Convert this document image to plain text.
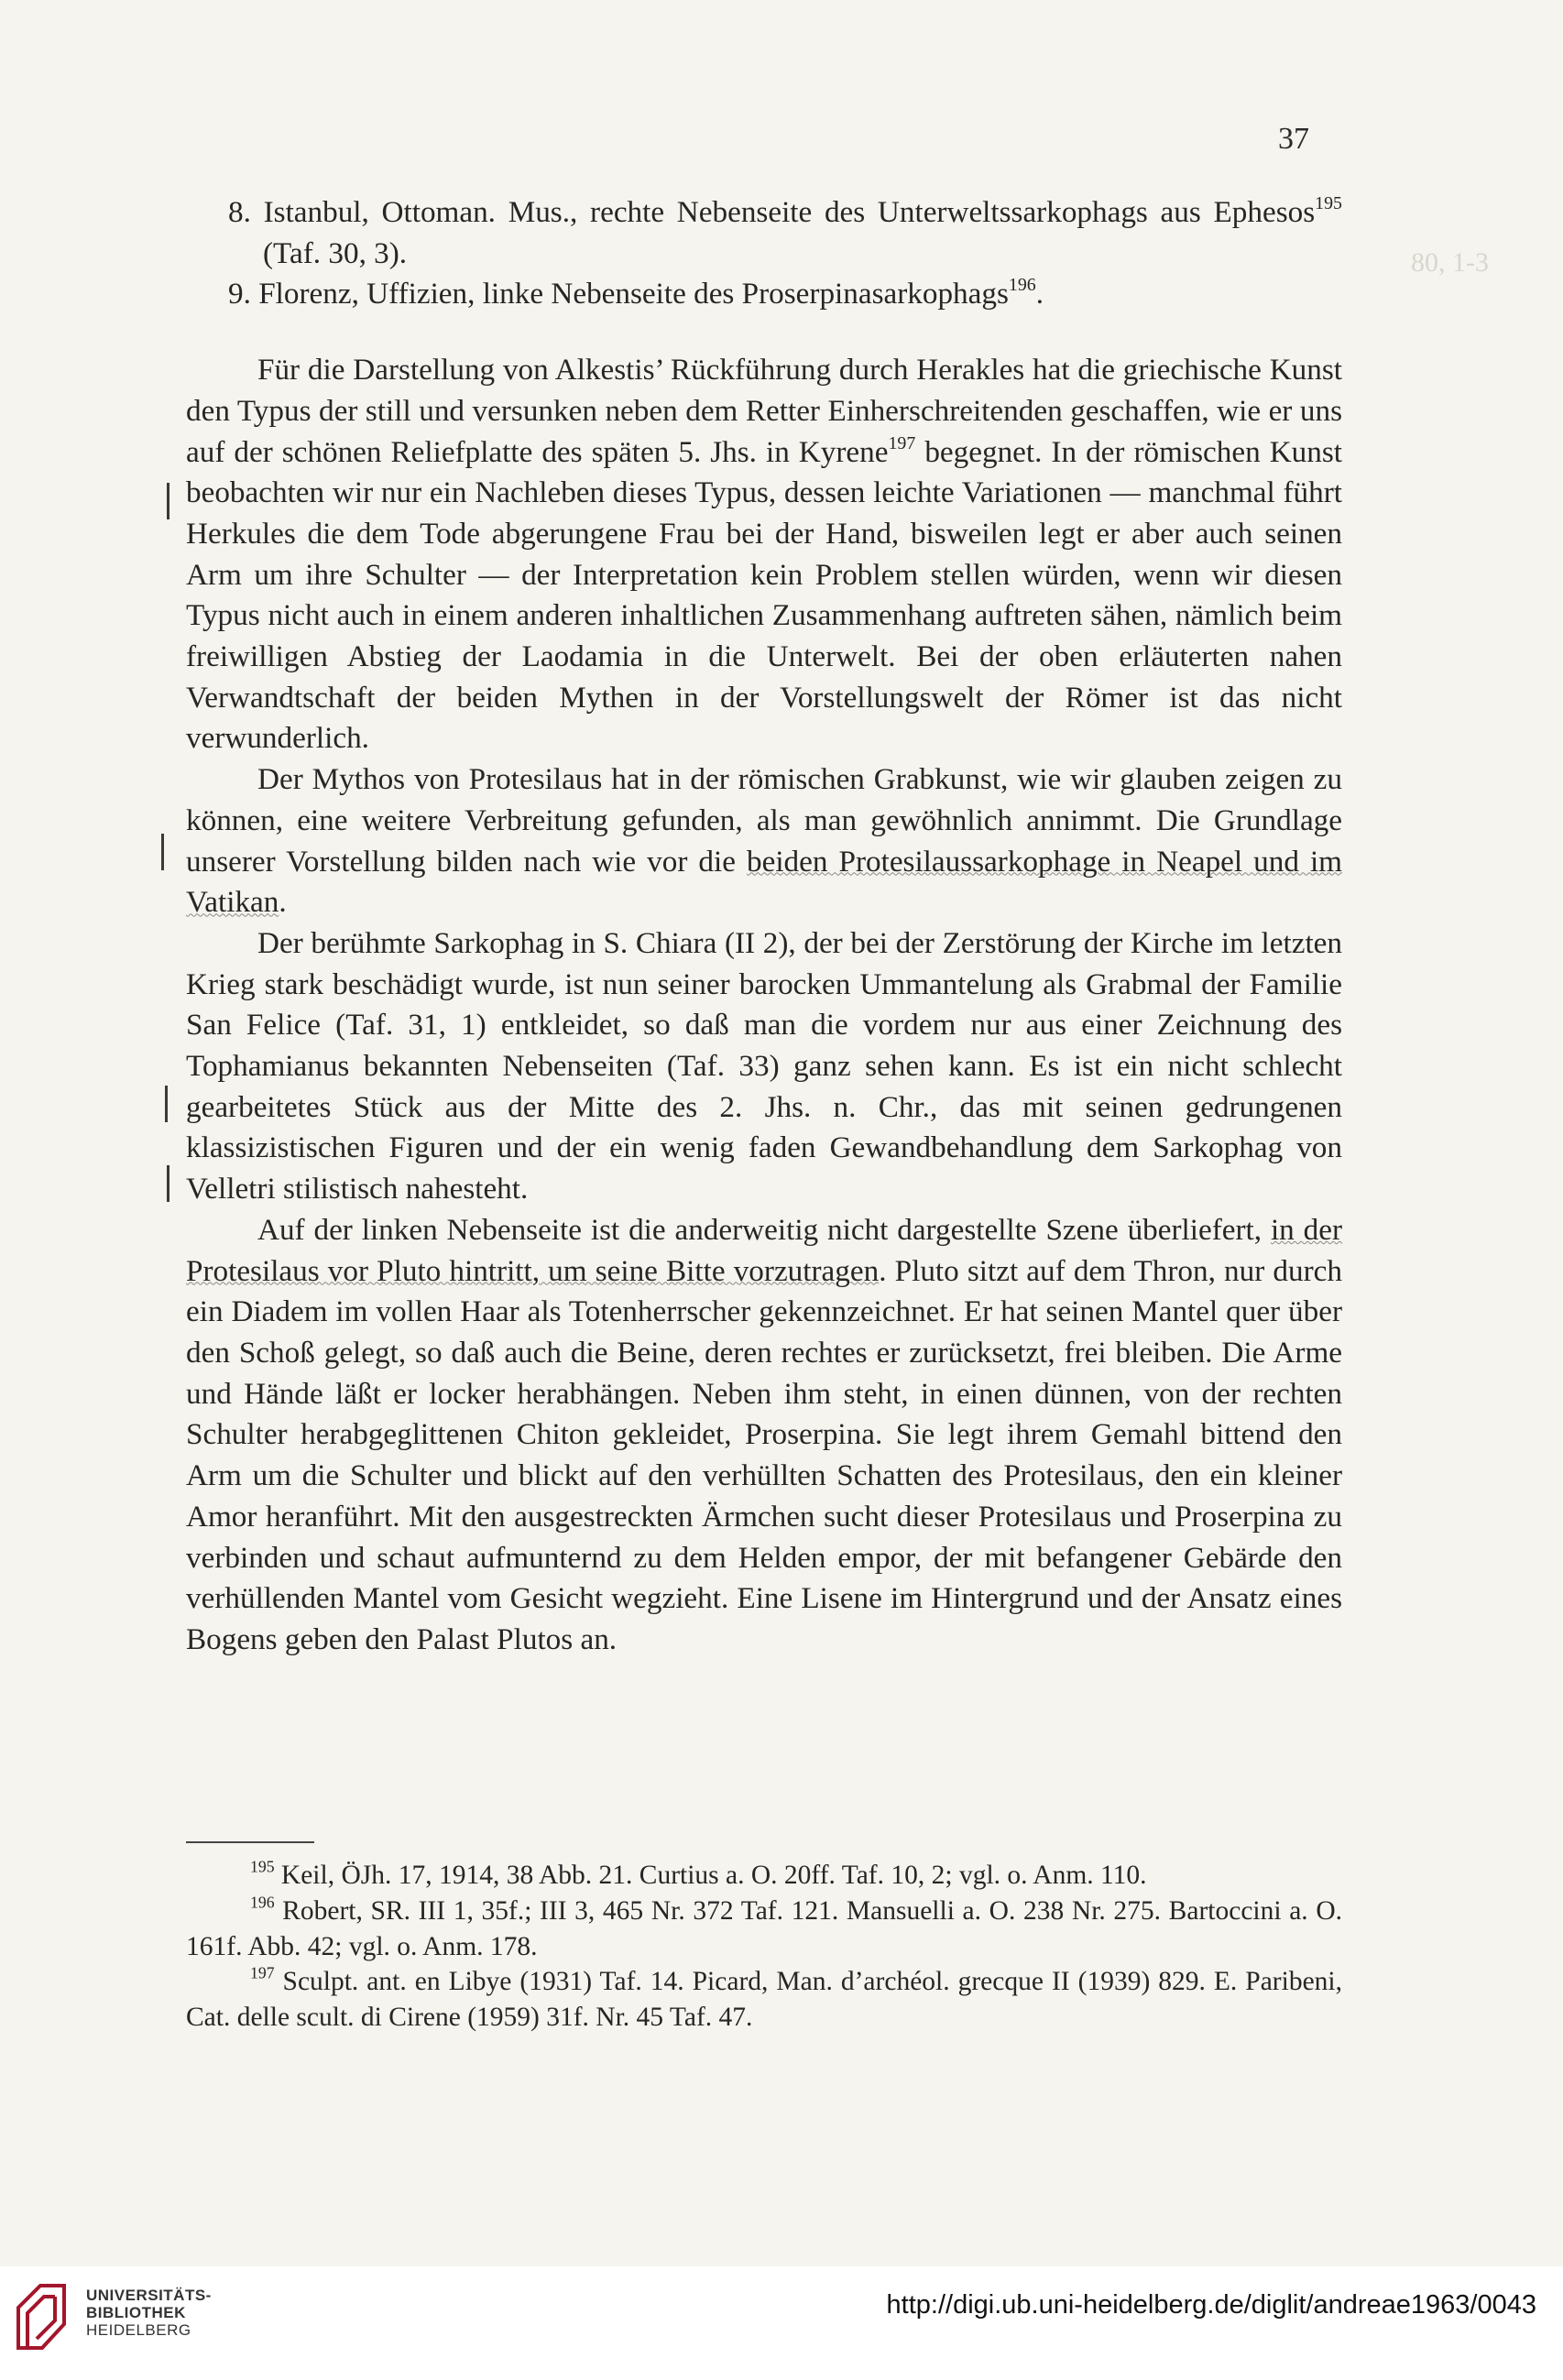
80, 1-3
37

8. Istanbul, Ottoman. Mus., rechte Nebenseite des Unterweltssarkophags aus Ephesos$^{195}$ (Taf. 30, 3).

9. Florenz, Uffizien, linke Nebenseite des Proserpinasarkophags$^{196}$.

Für die Darstellung von Alkestis’ Rückführung durch Herakles hat die griechische Kunst den Typus der still und versunken neben dem Retter Einherschreitenden geschaffen, wie er uns auf der schönen Reliefplatte des späten 5. Jhs. in Kyrene$^{197}$ begegnet. In der römischen Kunst beobachten wir nur ein Nachleben dieses Typus, dessen leichte Variationen — manchmal führt Herkules die dem Tode abgerungene Frau bei der Hand, bisweilen legt er aber auch seinen Arm um ihre Schulter — der Interpretation kein Problem stellen würden, wenn wir diesen Typus nicht auch in einem anderen inhaltlichen Zusammenhang auftreten sähen, nämlich beim freiwilligen Abstieg der Laodamia in die Unterwelt. Bei der oben erläuterten nahen Verwandtschaft der beiden Mythen in der Vorstellungswelt der Römer ist das nicht verwunderlich.

Der Mythos von Protesilaus hat in der römischen Grabkunst, wie wir glauben zeigen zu können, eine weitere Verbreitung gefunden, als man gewöhnlich annimmt. Die Grundlage unserer Vorstellung bilden nach wie vor die beiden Protesilaussarkophage in Neapel und im Vatikan.

Der berühmte Sarkophag in S. Chiara (II 2), der bei der Zerstörung der Kirche im letzten Krieg stark beschädigt wurde, ist nun seiner barocken Ummantelung als Grabmal der Familie San Felice (Taf. 31, 1) entkleidet, so daß man die vordem nur aus einer Zeichnung des Tophamianus bekannten Nebenseiten (Taf. 33) ganz sehen kann. Es ist ein nicht schlecht gearbeitetes Stück aus der Mitte des 2. Jhs. n. Chr., das mit seinen gedrungenen klassizistischen Figuren und der ein wenig faden Gewandbehandlung dem Sarkophag von Velletri stilistisch nahesteht.

Auf der linken Nebenseite ist die anderweitig nicht dargestellte Szene überliefert, in der Protesilaus vor Pluto hintritt, um seine Bitte vorzutragen. Pluto sitzt auf dem Thron, nur durch ein Diadem im vollen Haar als Totenherrscher gekennzeichnet. Er hat seinen Mantel quer über den Schoß gelegt, so daß auch die Beine, deren rechtes er zurücksetzt, frei bleiben. Die Arme und Hände läßt er locker herabhängen. Neben ihm steht, in einen dünnen, von der rechten Schulter herabgeglittenen Chiton gekleidet, Proserpina. Sie legt ihrem Gemahl bittend den Arm um die Schulter und blickt auf den verhüllten Schatten des Protesilaus, den ein kleiner Amor heranführt. Mit den ausgestreckten Ärmchen sucht dieser Protesilaus und Proserpina zu verbinden und schaut aufmunternd zu dem Helden empor, der mit befangener Gebärde den verhüllenden Mantel vom Gesicht wegzieht. Eine Lisene im Hintergrund und der Ansatz eines Bogens geben den Palast Plutos an.

$^{195}$ Keil, ÖJh. 17, 1914, 38 Abb. 21. Curtius a. O. 20ff. Taf. 10, 2; vgl. o. Anm. 110.

$^{196}$ Robert, SR. III 1, 35f.; III 3, 465 Nr. 372 Taf. 121. Mansuelli a. O. 238 Nr. 275. Bartoccini a. O. 161f. Abb. 42; vgl. o. Anm. 178.

$^{197}$ Sculpt. ant. en Libye (1931) Taf. 14. Picard, Man. d’archéol. grecque II (1939) 829. E. Paribeni, Cat. delle scult. di Cirene (1959) 31f. Nr. 45 Taf. 47.

UNIVERSITÄTS-
BIBLIOTHEK
HEIDELBERG
http://digi.ub.uni-heidelberg.de/diglit/andreae1963/0043
